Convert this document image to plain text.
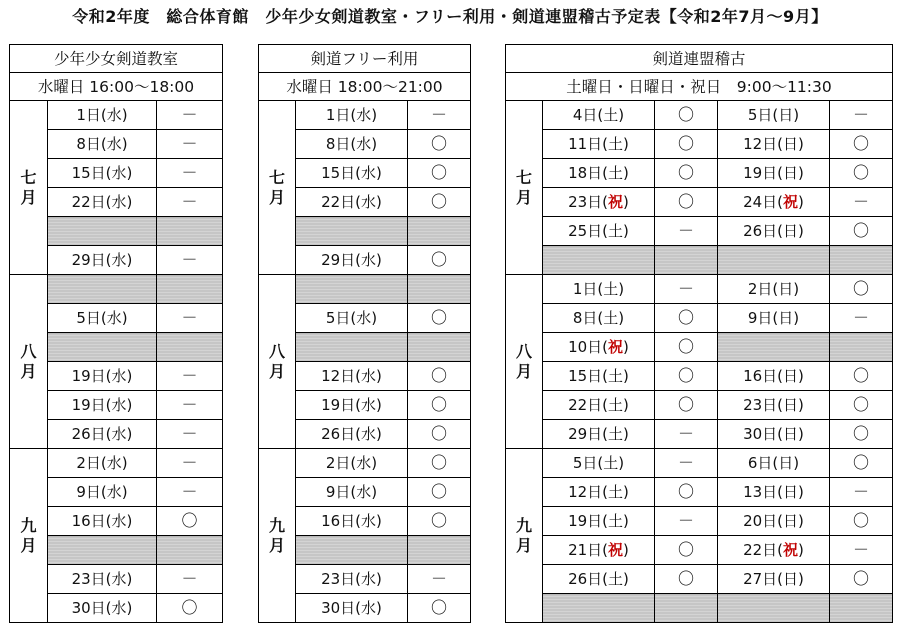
令和2年度　総合体育館　少年少女剣道教室・フリー利用・剣道連盟稽古予定表【令和2年7月～9月】
少年少女剣道教室		
水曜日 16:00～18:00		
七
月	1日(水)	－
	8日(水)	－
	15日(水)	－
	22日(水)	－

	29日(水)	－
八
月		
	5日(水)	－

	19日(水)	－
	19日(水)	－
	26日(水)	－
九
月	2日(水)	－
	9日(水)	－
	16日(水)	〇

	23日(水)	－
	30日(水)	〇
剣道フリー利用		
水曜日 18:00～21:00		
七
月	1日(水)	－
	8日(水)	〇
	15日(水)	〇
	22日(水)	〇

	29日(水)	〇
八
月		
	5日(水)	〇

	12日(水)	〇
	19日(水)	〇
	26日(水)	〇
九
月	2日(水)	〇
	9日(水)	〇
	16日(水)	〇

	23日(水)	－
	30日(水)	〇
剣道連盟稽古				
土曜日・日曜日・祝日　9:00～11:30				
七
月	4日(土)	〇	5日(日)	－
	11日(土)	〇	12日(日)	〇
	18日(土)	〇	19日(日)	〇
	23日(祝)	〇	24日(祝)	－
	25日(土)	－	26日(日)	〇

八
月	1日(土)	－	2日(日)	〇
	8日(土)	〇	9日(日)	－
	10日(祝)	〇		
	15日(土)	〇	16日(日)	〇
	22日(土)	〇	23日(日)	〇
	29日(土)	－	30日(日)	〇
九
月	5日(土)	－	6日(日)	〇
	12日(土)	〇	13日(日)	－
	19日(土)	－	20日(日)	〇
	21日(祝)	〇	22日(祝)	－
	26日(土)	〇	27日(日)	〇
